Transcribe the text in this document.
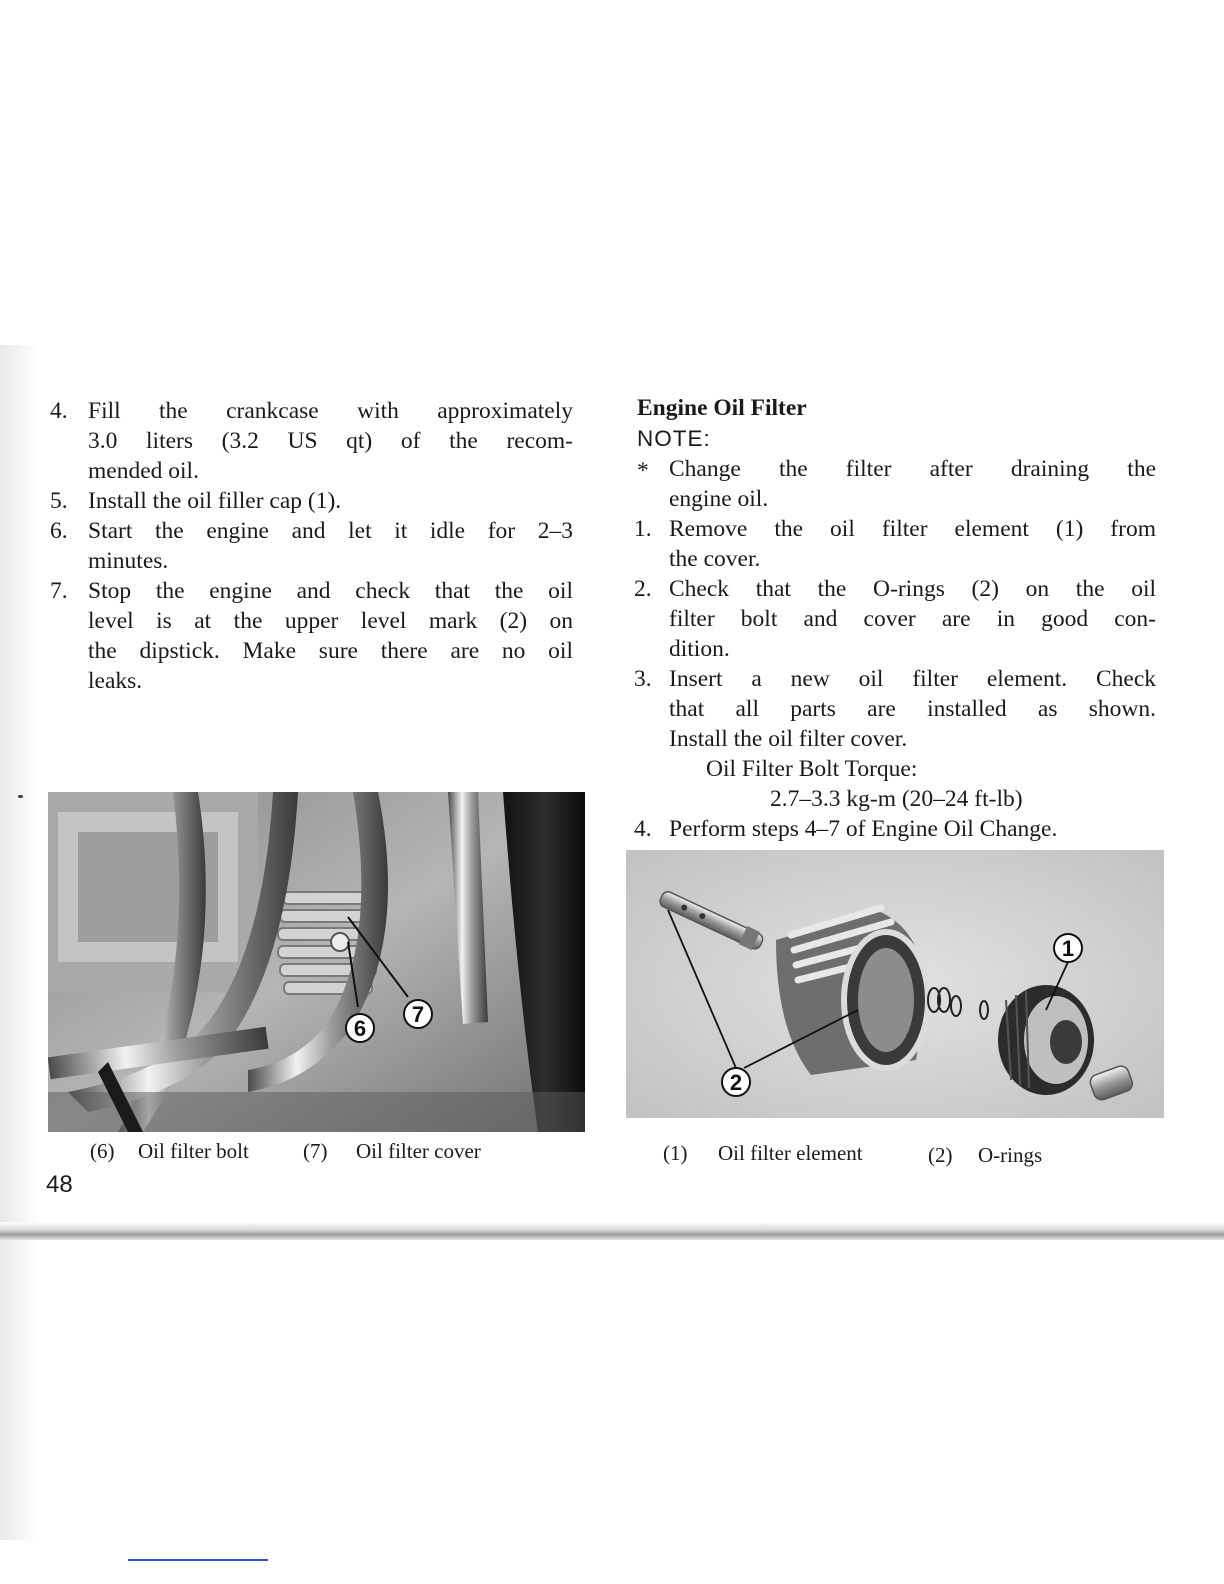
4. Fill the crankcase with approximately
3.0 liters (3.2 US qt) of the recom-
mended oil.
5. Install the oil filler cap (1).
6. Start the engine and let it idle for 2–3
minutes.
7. Stop the engine and check that the oil
level is at the upper level mark (2) on
the dipstick. Make sure there are no oil
leaks.
6
7
(6) Oil filter bolt	(7) Oil filter cover
48
Engine Oil Filter
NOTE:
* Change the filter after draining the
engine oil.
1. Remove the oil filter element (1) from
the cover.
2. Check that the O-rings (2) on the oil
filter bolt and cover are in good con-
dition.
3. Insert a new oil filter element. Check
that all parts are installed as shown.
Install the oil filter cover.
Oil Filter Bolt Torque:
2.7–3.3 kg-m (20–24 ft-lb)
4. Perform steps 4–7 of Engine Oil Change.
1
2
(1) Oil filter element	(2) O-rings
